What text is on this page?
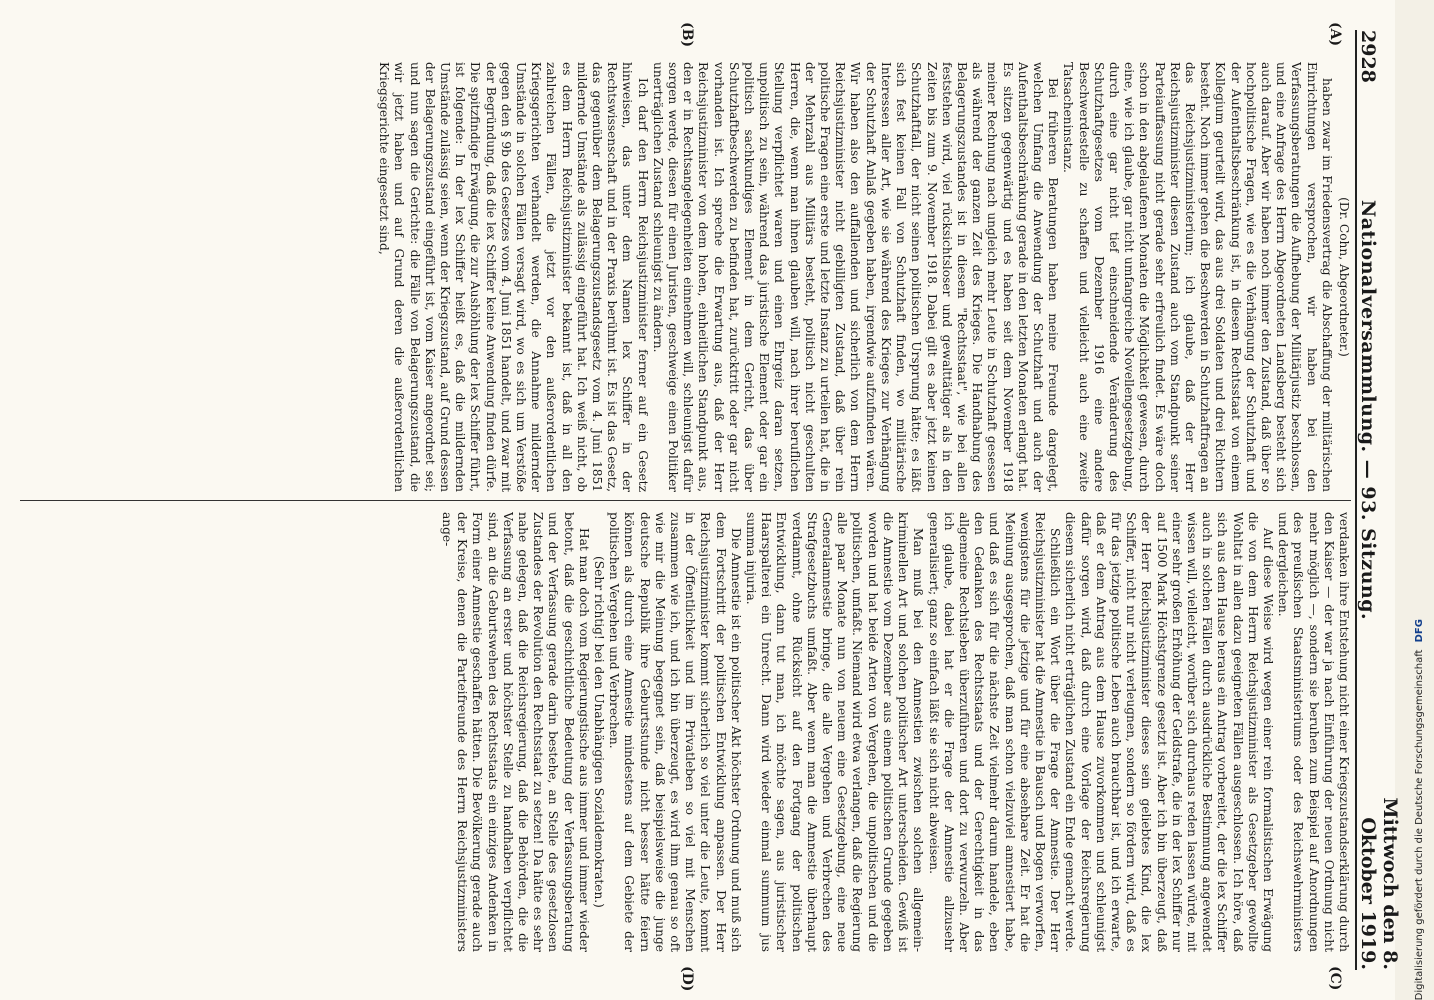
2928
Nationalversammlung. — 93. Sitzung.
Mittwoch den 8. Oktober 1919.
(A)
(B)
(C)
(D)

(Dr. Cohn, Abgeordneter.)

haben zwar im Friedensvertrag die Abschaffung der militärischen Einrichtungen versprochen, wir haben bei den Verfassungsberatungen die Aufhebung der Militärjustiz beschlossen, und eine Anfrage des Herrn Abgeordneten Landsberg besteht sich auch darauf. Aber wir haben noch immer den Zustand, daß über so hochpolitische Fragen, wie es die Verhängung der Schutzhaft und der Aufenthaltsbeschränkung ist, in diesem Rechtsstaat von einem Kollegium geurteilt wird, das aus drei Soldaten und drei Richtern besteht. Noch immer gehen die Beschwerden in Schutzhaftfragen an das Reichsjustizministerium; ich glaube, daß der Herr Reichsjustizminister diesen Zustand auch vom Standpunkt seiner Parteiauffassung nicht gerade sehr erfreulich findet. Es wäre doch schon in den abgelaufenen Monaten die Möglichkeit gewesen, durch eine, wie ich glaube, gar nicht umfangreiche Novellengesetzgebung, durch eine gar nicht tief einschneidende Veränderung des Schutzhaftgesetzes vom Dezember 1916 eine andere Beschwerdestelle zu schaffen und vielleicht auch eine zweite Tatsacheninstanz.

Bei früheren Beratungen haben meine Freunde dargelegt, welchen Umfang die Anwendung der Schutzhaft und auch der Aufenthaltsbeschränkung gerade in den letzten Monaten erlangt hat. Es sitzen gegenwärtig und es haben seit dem November 1918 meiner Rechnung nach ungleich mehr Leute in Schutzhaft gesessen als während der ganzen Zeit des Krieges. Die Handhabung des Belagerungszustandes ist in diesem "Rechtsstaat", wie bei allen feststehen wird, viel rücksichtsloser und gewalttätiger als in den Zeiten bis zum 9. November 1918. Dabei gilt es aber jetzt keinen Schutzhaftfall, der nicht seinen politischen Ursprung hätte; es läßt sich fest keinen Fall von Schutzhaft finden, wo militärische Interessen aller Art, wie sie während des Krieges zur Verhängung der Schutzhaft Anlaß gegeben haben, irgendwie aufzufinden wären. Wir haben also den auffallenden und sicherlich von dem Herrn Reichsjustizminister nicht gebilligten Zustand, daß über rein politische Fragen eine erste und letzte Instanz zu urteilen hat, die in der Mehrzahl aus Militärs besteht, politisch nicht geschulten Herren, die, wenn man ihnen glauben will, nach ihrer beruflichen Stellung verpflichtet waren und einen Ehrgeiz daran setzen, unpolitisch zu sein, während das juristische Element oder gar ein politisch sachkundiges Element in dem Gericht, das über Schutzhaftbeschwerden zu befinden hat, zurücktritt oder gar nicht vorhanden ist. Ich spreche die Erwartung aus, daß der Herr Reichsjustizminister von dem hohen, einheitlichen Standpunkt aus, den er in Rechtsangelegenheiten einnehmen will, schleunigst dafür sorgen werde, diesen für einen Juristen, geschweige einen Politiker unerträglichen Zustand schleunigst zu ändern.

Ich darf den Herrn Reichsjustizminister ferner auf ein Gesetz hinweisen, das unter dem Namen lex Schiffer in der Rechtswissenschaft und in der Praxis berühmt ist. Es ist das Gesetz, das gegenüber dem Belagerungszustandsgesetz vom 4. Juni 1851 mildernde Umstände als zulässig eingeführt hat. Ich weiß nicht, ob es dem Herrn Reichsjustizminister bekannt ist, daß in all den zahlreichen Fällen, die jetzt vor den außerordentlichen Kriegsgerichten verhandelt werden, die Annahme mildernder Umstände in solchen Fällen versagt wird, wo es sich um Verstöße gegen den § 9b des Gesetzes vom 4. Juni 1851 handelt, und zwar mit der Begründung, daß die lex Schiffer keine Anwendung finden dürfe. Die spitzfindige Erwägung, die zur Aushöhlung der lex Schiffer führt, ist folgende: In der lex Schiffer heißt es, daß die mildernden Umstände zulässig seien, wenn der Kriegszustand, auf Grund dessen der Belagerungszustand eingeführt ist, vom Kaiser angeordnet sei; und nun sagen die Gerichte: die Fälle von Belagerungszustand, die wir jetzt haben und auf Grund deren die außerordentlichen Kriegsgerichte eingesetzt sind,

verdanken ihre Entstehung nicht einer Kriegszustandserklärung durch den Kaiser — der war ja nach Einführung der neuen Ordnung nicht mehr möglich —, sondern sie beruhen zum Beispiel auf Anordnungen des preußischen Staatsministeriums oder des Reichswehrministers und dergleichen.

Auf diese Weise wird wegen einer rein formalistischen Erwägung die von dem Herrn Reichsjustizminister als Gesetzgeber gewollte Wohltat in allen dazu geeigneten Fällen ausgeschlossen. Ich höre, daß sich aus dem Hause heraus ein Antrag vorbereitet, der die lex Schiffer auch in solchen Fällen durch ausdrückliche Bestimmung angewendet wissen will, vielleicht, worüber sich durchaus reden lassen würde, mit einer sehr großen Erhöhung der Geldstrafe, die in der lex Schiffer nur auf 1500 Mark Höchstgrenze gesetzt ist. Aber ich bin überzeugt, daß der Herr Reichsjustizminister dieses sein geliebtes Kind, die lex Schiffer, nicht nur nicht verleugnen, sondern so fördern wird, daß es für das jetzige politische Leben auch brauchbar ist, und ich erwarte, daß er dem Antrag aus dem Hause zuvorkommen und schleunigst dafür sorgen wird, daß durch eine Vorlage der Reichsregierung diesem sicherlich nicht erträglichen Zustand ein Ende gemacht werde.

Schließlich ein Wort über die Frage der Amnestie. Der Herr Reichsjustizminister hat die Amnestie in Bausch und Bogen verworfen, wenigstens für die jetzige und für eine absehbare Zeit. Er hat die Meinung ausgesprochen, daß man schon vielzuviel amnestiert habe, und daß es sich für die nächste Zeit vielmehr darum handele, eben den Gedanken des Rechtsstaats und der Gerechtigkeit in das allgemeine Rechtsleben überzuführen und dort zu verwurzeln. Aber ich glaube, dabei hat er die Frage der Amnestie allzusehr generalisiert; ganz so einfach läßt sie sich nicht abweisen.

Man muß bei den Amnestien zwischen solchen allgemein-kriminellen Art und solchen politischer Art unterscheiden. Gewiß ist die Amnestie vom Dezember aus einem politischen Grunde gegeben worden und hat beide Arten von Vergehen, die unpolitischen und die politischen, umfaßt. Niemand wird etwa verlangen, daß die Regierung alle paar Monate nun von neuem eine Gesetzgebung, eine neue Generalamnestie bringe, die alle Vergehen und Verbrechen des Strafgesetzbuchs umfaßt. Aber wenn man die Amnestie überhaupt verdammt, ohne Rücksicht auf den Fortgang der politischen Entwicklung, dann tut man, ich möchte sagen, aus juristischer Haarspalterei ein Unrecht. Dann wird wieder einmal summum jus summa injuria.

Die Amnestie ist ein politischer Akt höchster Ordnung und muß sich dem Fortschritt der politischen Entwicklung anpassen. Der Herr Reichsjustizminister kommt sicherlich so viel unter die Leute, kommt in der Öffentlichkeit und im Privatleben so viel mit Menschen zusammen wie ich, und ich bin überzeugt, es wird ihm genau so oft wie mir die Meinung begegnet sein, daß beispielsweise die junge deutsche Republik ihre Geburtsstunde nicht besser hätte feiern können als durch eine Amnestie mindestens auf dem Gebiete der politischen Vergehen und Verbrechen.

(Sehr richtig! bei den Unabhängigen Sozialdemokraten.)

Hat man doch vom Regierungstische aus immer und immer wieder betont, daß die geschichtliche Bedeutung der Verfassungsberatung und der Verfassung gerade darin bestehe, an Stelle des gesetzlosen Zustandes der Revolution den Rechtsstaat zu setzen! Da hätte es sehr nahe gelegen, daß die Reichsregierung, daß die Behörden, die die Verfassung an erster und höchster Stelle zu handhaben verpflichtet sind, an die Geburtswehen des Rechtsstaats ein einziges Andenken in Form einer Amnestie geschaffen hätten. Die Bevölkerung gerade auch der Kreise, denen die Parteifreunde des Herrn Reichsjustizministers ange-

Digitalisierung gefördert durch die Deutsche Forschungsgemeinschaft DFG
